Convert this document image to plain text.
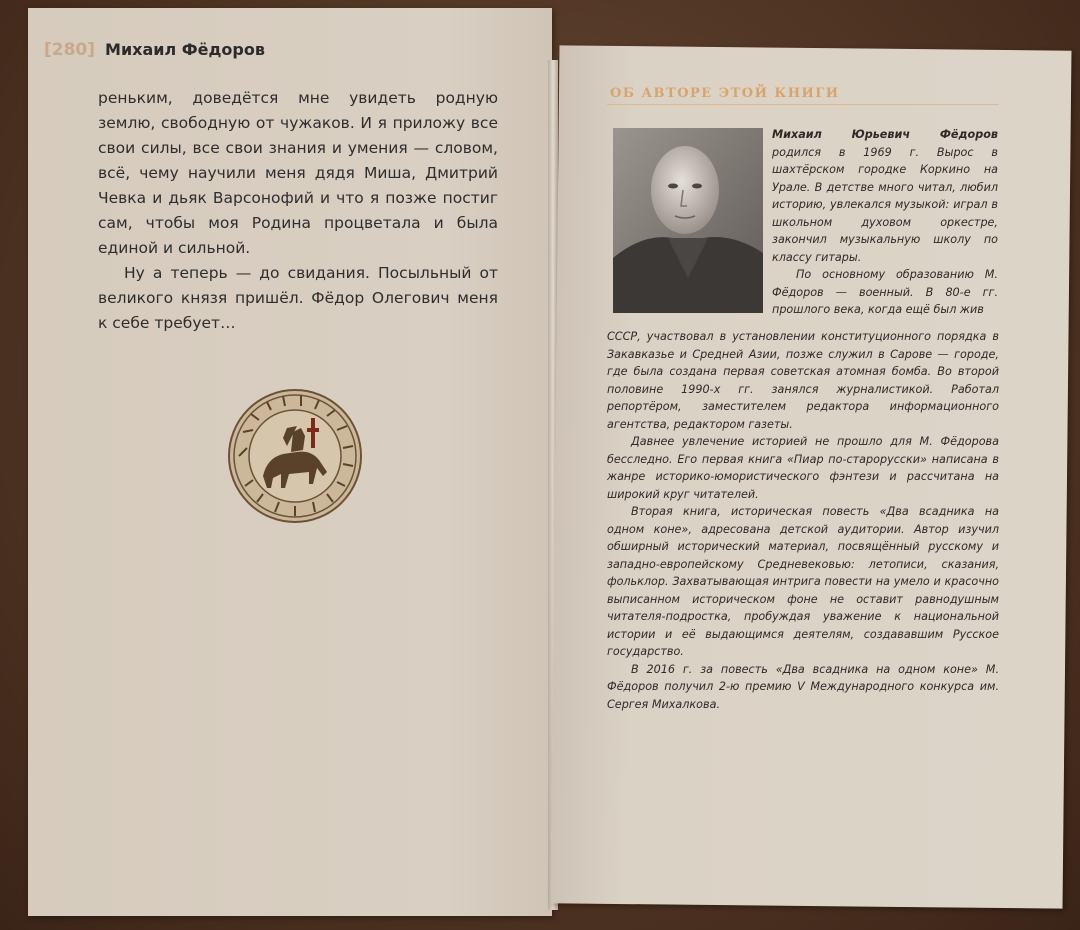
[280] Михаил Фёдоров

реньким, доведётся мне увидеть родную землю, свободную от чужаков. И я приложу все свои силы, все свои знания и умения — словом, всё, чему научили меня дядя Миша, Дмитрий Чевка и дьяк Варсонофий и что я позже постиг сам, чтобы моя Родина процветала и была единой и сильной.

Ну а теперь — до свидания. Посыльный от великого князя пришёл. Фёдор Олегович меня к себе требует…

ОБ АВТОРЕ ЭТОЙ КНИГИ

Михаил Юрьевич Фёдоров родился в 1969 г. Вырос в шахтёрском городке Коркино на Урале. В детстве много читал, любил историю, увлекался музыкой: играл в школьном духовом оркестре, закончил музыкальную школу по классу гитары.

По основному образованию М. Фёдоров — военный. В 80-е гг. прошлого века, когда ещё был жив

СССР, участвовал в установлении конституционного порядка в Закавказье и Средней Азии, позже служил в Сарове — городе, где была создана первая советская атомная бомба. Во второй половине 1990-х гг. занялся журналистикой. Работал репортёром, заместителем редактора информационного агентства, редактором газеты.

Давнее увлечение историей не прошло для М. Фёдорова бесследно. Его первая книга «Пиар по-старорусски» написана в жанре историко-юмористического фэнтези и рассчитана на широкий круг читателей.

Вторая книга, историческая повесть «Два всадника на одном коне», адресована детской аудитории. Автор изучил обширный исторический материал, посвящённый русскому и западно-европейскому Средневековью: летописи, сказания, фольклор. Захватывающая интрига повести на умело и красочно выписанном историческом фоне не оставит равнодушным читателя-подростка, пробуждая уважение к национальной истории и её выдающимся деятелям, создававшим Русское государство.

В 2016 г. за повесть «Два всадника на одном коне» М. Фёдоров получил 2-ю премию V Международного конкурса им. Сергея Михалкова.
